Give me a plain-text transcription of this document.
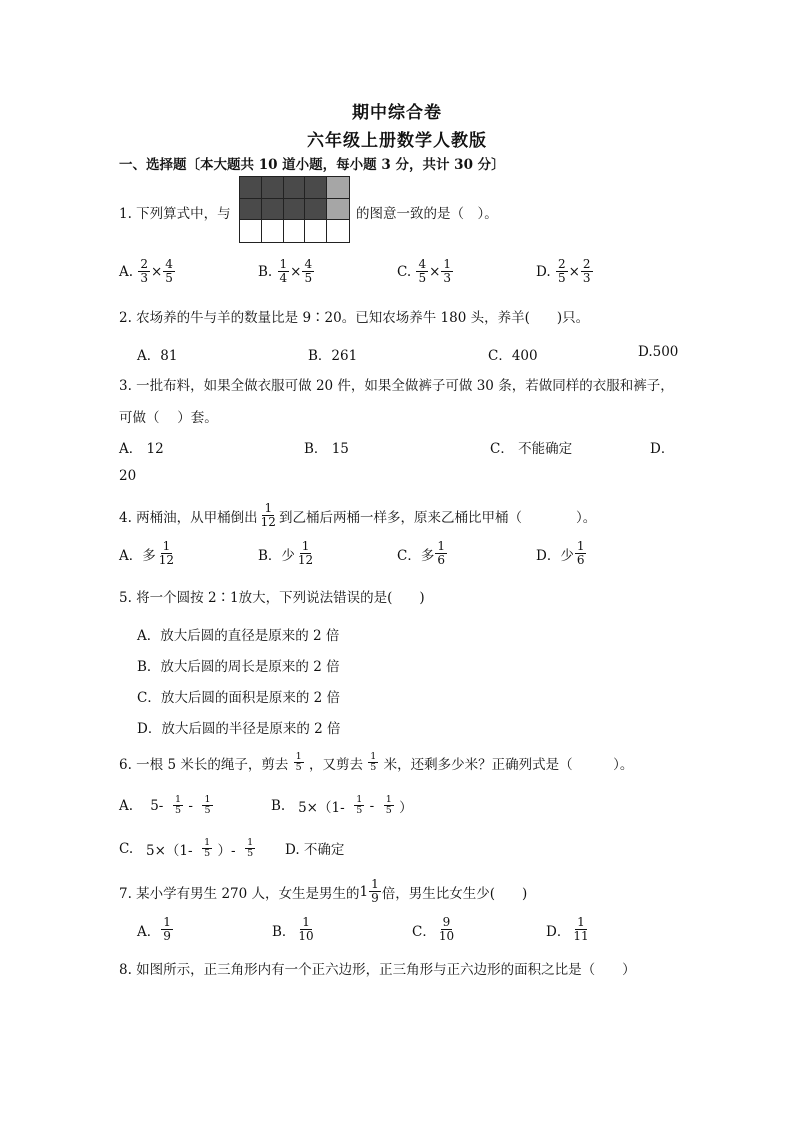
期中综合卷
六年级上册数学人教版
一、选择题〔本大题共 10 道小题，每小题 3 分，共计 30 分〕
1. 下列算式中，与	的图意一致的是（　）。
A.
$\frac{2}{3} \times \frac{4}{5}$	B.
$\frac{1}{4} \times \frac{4}{5}$	C.
$\frac{4}{5} \times \frac{1}{3}$	D.
$\frac{2}{5} \times \frac{2}{3}$
2. 农场养的牛与羊的数量比是 9∶20。已知农场养牛 180 头，养羊(　　)只。
A．81	B．261	C．400	D.500
3. 一批布料，如果全做衣服可做 20 件，如果全做裤子可做 30 条，若做同样的衣服和裤子，
可做（　 ）套。
A． 12	B． 15	C． 不能确定	D．
20
4. 两桶油，从甲桶倒出 $\frac{1}{12}$ 到乙桶后两桶一样多，原来乙桶比甲桶（　　　　）。
A．多 $\frac{1}{12}$	B．少 $\frac{1}{12}$	C．多 $\frac{1}{6}$	D．少 $\frac{1}{6}$
5. 将一个圆按 2∶1放大，下列说法错误的是(　　)
A．放大后圆的直径是原来的 2 倍
B．放大后圆的周长是原来的 2 倍
C．放大后圆的面积是原来的 2 倍
D．放大后圆的半径是原来的 2 倍
6. 一根 5 米长的绳子，剪去
$\frac{1}{5}$
，又剪去
$\frac{1}{5}$
米，还剩多少米？正确列式是（　　　）。
A.
5-
$\frac{1}{5}$
-
$\frac{1}{5}$	B.
5×（1-
$\frac{1}{5}$
-
$\frac{1}{5}$
）
C.
5×（1-
$\frac{1}{5}$
）-
$\frac{1}{5} D$. 不确定
7. 某小学有男生 270 人，女生是男生的 $1 \frac{1}{9}$ 倍，男生比女生少(　　)
A． $\frac{1}{9}$	B． $\frac{1}{10}$	C． $\frac{9}{10}$	D． $\frac{1}{11}$
8. 如图所示，正三角形内有一个正六边形，正三角形与正六边形的面积之比是（　　）
